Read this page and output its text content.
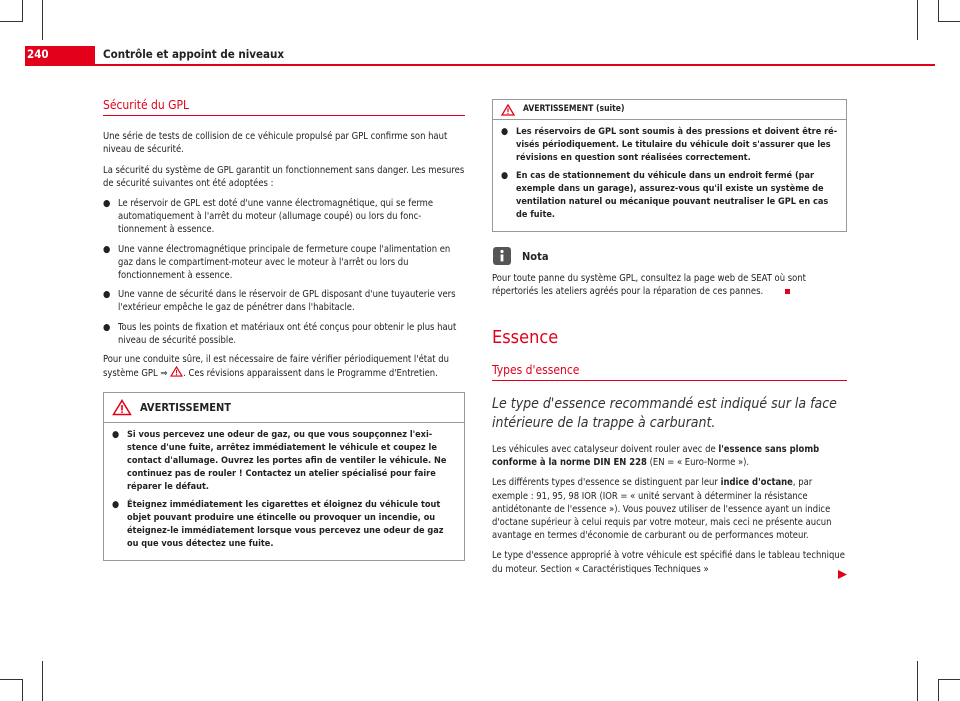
240	Contrôle et appoint de niveaux
Sécurité du GPL

Une série de tests de collision de ce véhicule propulsé par GPL confirme son haut niveau de sécurité.

La sécurité du système de GPL garantit un fonctionnement sans danger. Les mesures de sécurité suivantes ont été adoptées :

● Le réservoir de GPL est doté d'une vanne électromagnétique, qui se ferme automatiquement à l'arrêt du moteur (allumage coupé) ou lors du fonctionnement à essence.
● Une vanne électromagnétique principale de fermeture coupe l'alimentation en gaz dans le compartiment-moteur avec le moteur à l'arrêt ou lors du fonctionnement à essence.
● Une vanne de sécurité dans le réservoir de GPL disposant d'une tuyauterie vers l'extérieur empêche le gaz de pénétrer dans l'habitacle.
● Tous les points de fixation et matériaux ont été conçus pour obtenir le plus haut niveau de sécurité possible.

Pour une conduite sûre, il est nécessaire de faire vérifier périodiquement l'état du système GPL ⇒ . Ces révisions apparaissent dans le Programme d'Entretien.

AVERTISSEMENT
● Si vous percevez une odeur de gaz, ou que vous soupçonnez l'existence d'une fuite, arrêtez immédiatement le véhicule et coupez le contact d'allumage. Ouvrez les portes afin de ventiler le véhicule. Ne continuez pas de rouler ! Contactez un atelier spécialisé pour faire réparer le défaut.
● Éteignez immédiatement les cigarettes et éloignez du véhicule tout objet pouvant produire une étincelle ou provoquer un incendie, ou éteignez-le immédiatement lorsque vous percevez une odeur de gaz ou que vous détectez une fuite.
AVERTISSEMENT (suite)
● Les réservoirs de GPL sont soumis à des pressions et doivent être révisés périodiquement. Le titulaire du véhicule doit s'assurer que les révisions en question sont réalisées correctement.
● En cas de stationnement du véhicule dans un endroit fermé (par exemple dans un garage), assurez-vous qu'il existe un système de ventilation naturel ou mécanique pouvant neutraliser le GPL en cas de fuite.
Nota

Pour toute panne du système GPL, consultez la page web de SEAT où sont répertoriés les ateliers agréés pour la réparation de ces pannes.

Essence
Types d'essence

Le type d'essence recommandé est indiqué sur la face intérieure de la trappe à carburant.

Les véhicules avec catalyseur doivent rouler avec de l'essence sans plomb conforme à la norme DIN EN 228 (EN = « Euro-Norme »).

Les différents types d'essence se distinguent par leur indice d'octane, par exemple : 91, 95, 98 IOR (IOR = « unité servant à déterminer la résistance antidétonante de l'essence »). Vous pouvez utiliser de l'essence ayant un indice d'octane supérieur à celui requis par votre moteur, mais ceci ne présente aucun avantage en termes d'économie de carburant ou de performances moteur.

Le type d'essence approprié à votre véhicule est spécifié dans le tableau technique du moteur. Section « Caractéristiques Techniques »
